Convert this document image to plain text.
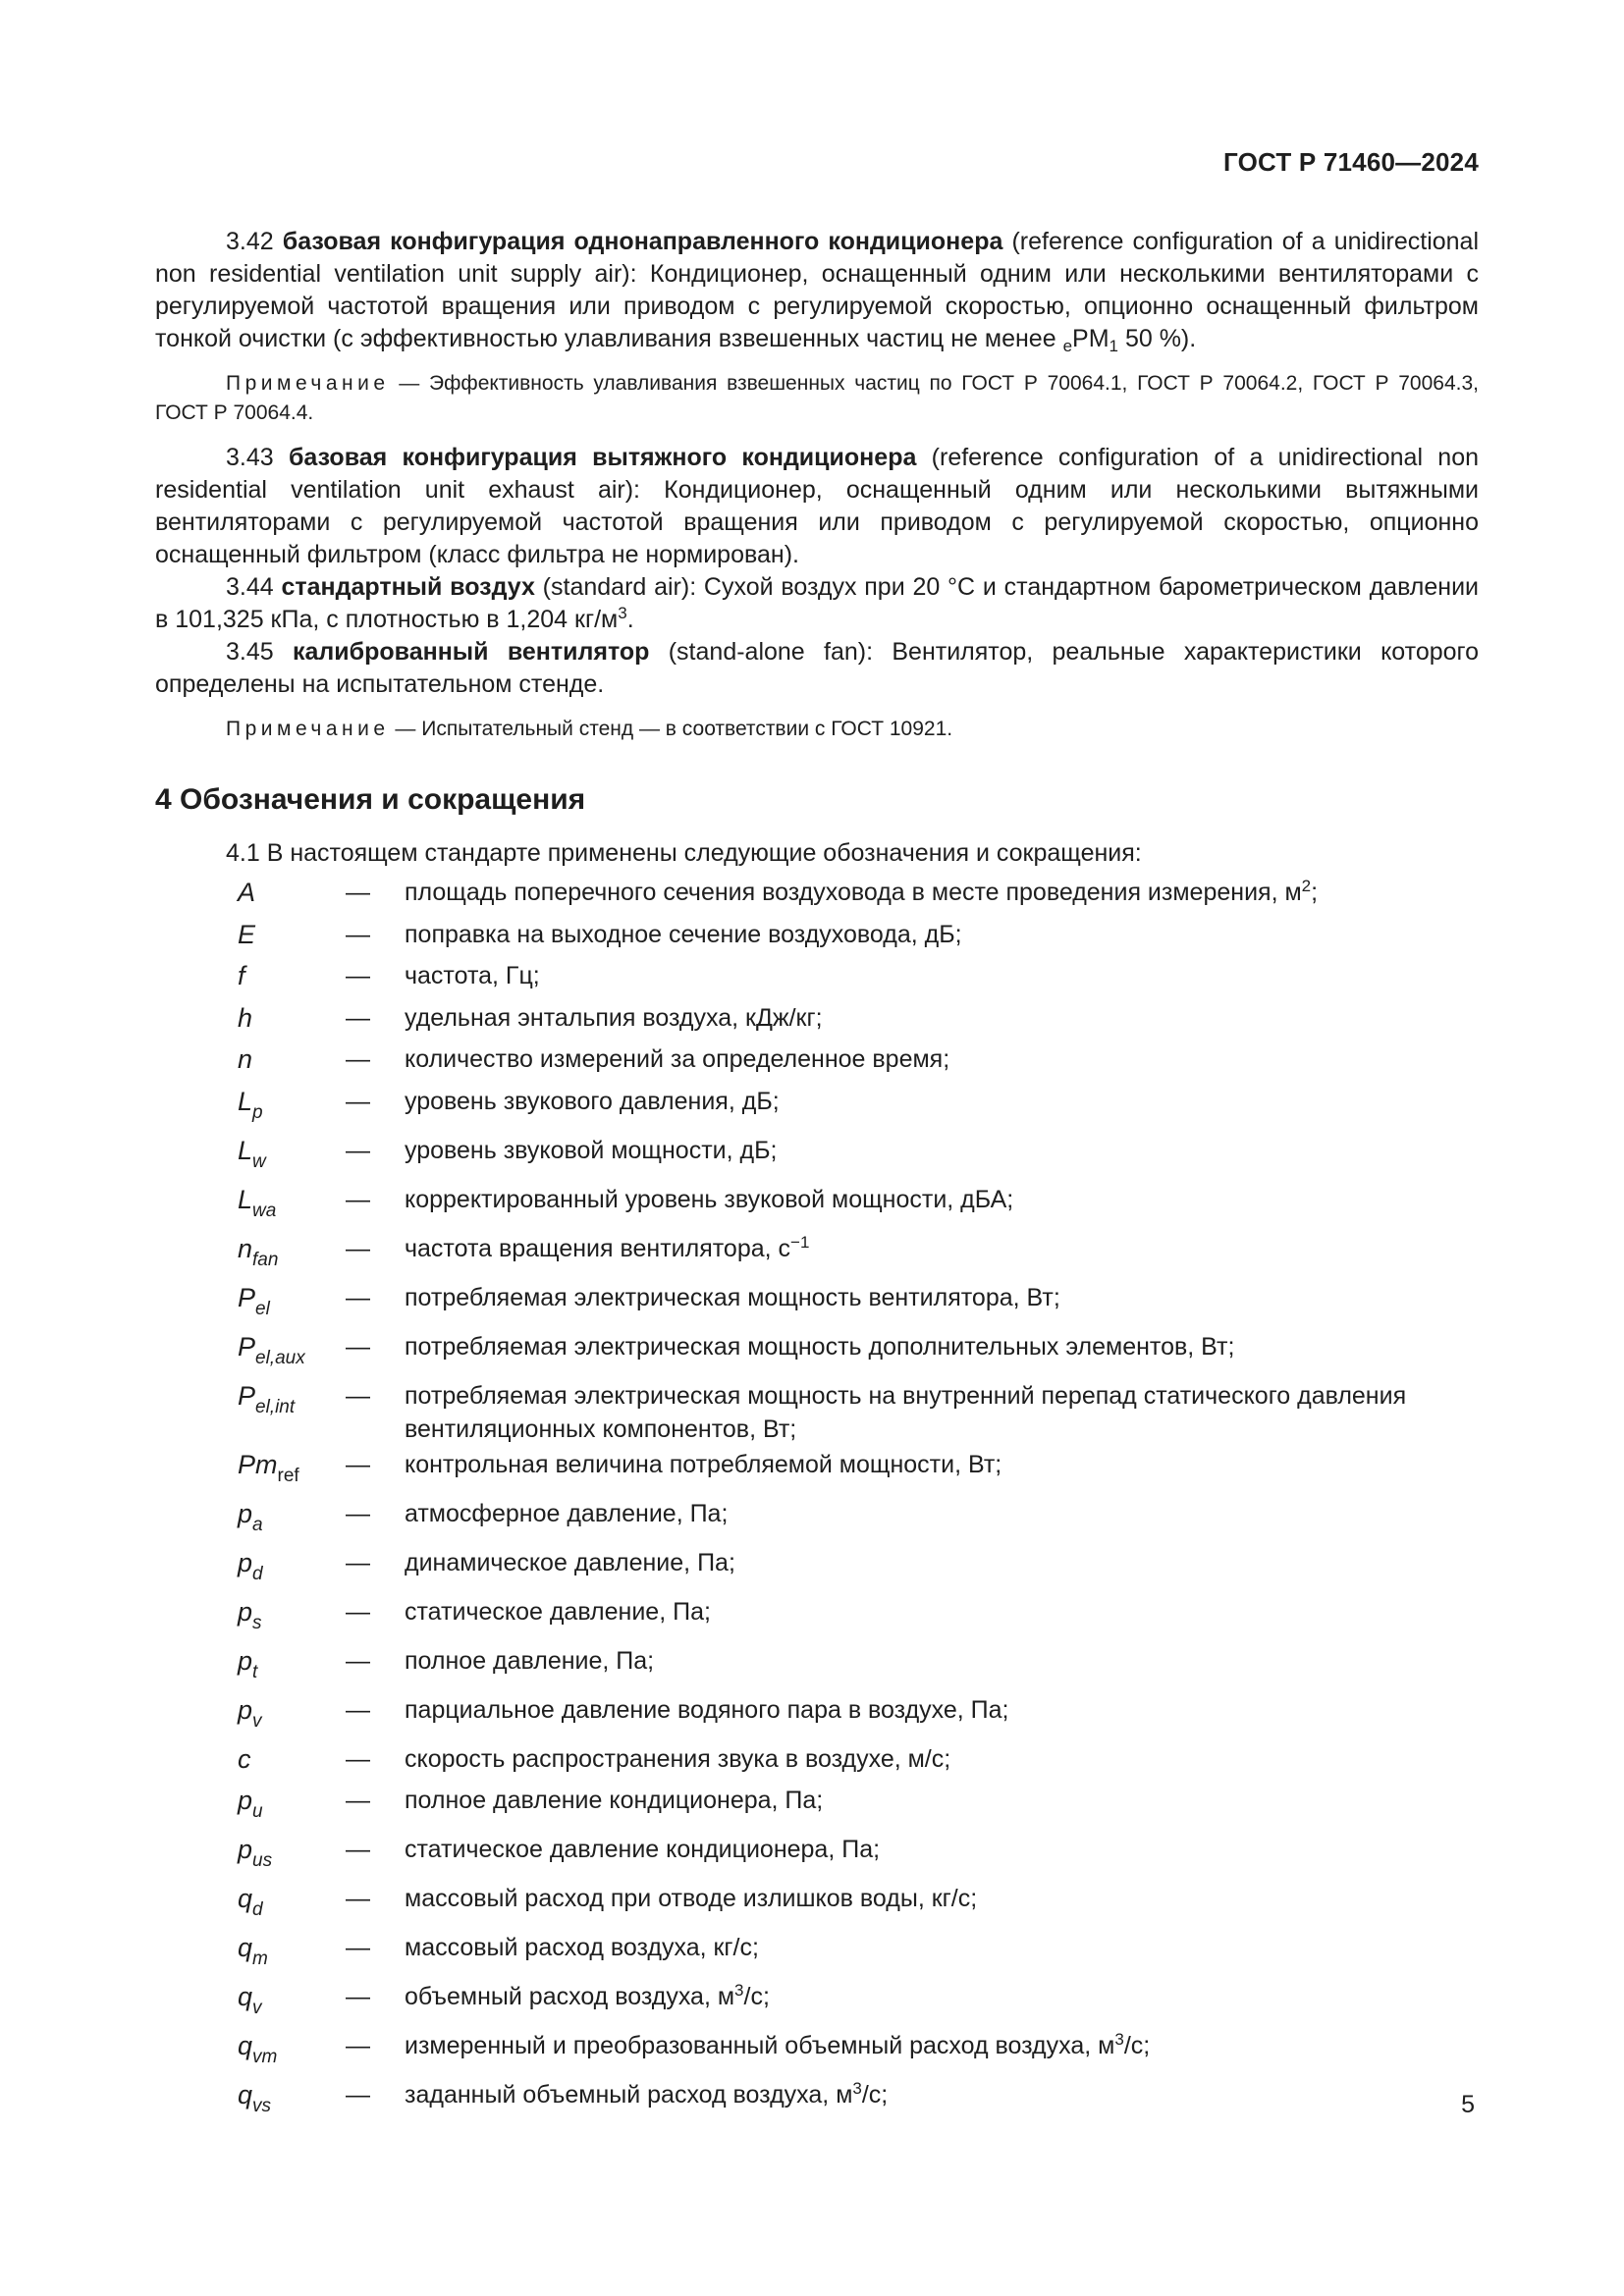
ГОСТ Р 71460—2024

3.42 базовая конфигурация однонаправленного кондиционера (reference configuration of a unidirectional non residential ventilation unit supply air): Кондиционер, оснащенный одним или несколькими вентиляторами с регулируемой частотой вращения или приводом с регулируемой скоростью, опционно оснащенный фильтром тонкой очистки (с эффективностью улавливания взвешенных частиц не менее $_ePM_1$ 50 %).

Примечание — Эффективность улавливания взвешенных частиц по ГОСТ Р 70064.1, ГОСТ Р 70064.2, ГОСТ Р 70064.3, ГОСТ Р 70064.4.

3.43 базовая конфигурация вытяжного кондиционера (reference configuration of a unidirectional non residential ventilation unit exhaust air): Кондиционер, оснащенный одним или несколькими вытяжными вентиляторами с регулируемой частотой вращения или приводом с регулируемой скоростью, опционно оснащенный фильтром (класс фильтра не нормирован).

3.44 стандартный воздух (standard air): Сухой воздух при 20 °С и стандартном барометрическом давлении в 101,325 кПа, с плотностью в 1,204 $кг/м^3$.

3.45 калиброванный вентилятор (stand-alone fan): Вентилятор, реальные характеристики которого определены на испытательном стенде.

Примечание — Испытательный стенд — в соответствии с ГОСТ 10921.

4 Обозначения и сокращения

4.1 В настоящем стандарте применены следующие обозначения и сокращения:

A	—	площадь поперечного сечения воздуховода в месте проведения измерения, $м^2$;
E	—	поправка на выходное сечение воздуховода, дБ;
f	—	частота, Гц;
h	—	удельная энтальпия воздуха, кДж/кг;
n	—	количество измерений за определенное время;
$L_p$	—	уровень звукового давления, дБ;
$L_w$	—	уровень звуковой мощности, дБ;
$L_{wa}$	—	корректированный уровень звуковой мощности, дБА;
$n_{fan}$	—	частота вращения вентилятора, $с^{-1}$
$P_{el}$	—	потребляемая электрическая мощность вентилятора, Вт;
$P_{el,aux}$	—	потребляемая электрическая мощность дополнительных элементов, Вт;
$P_{el,int}$	—	потребляемая электрическая мощность на внутренний перепад статического давления вентиляционных компонентов, Вт;
$Pm_{ref}$	—	контрольная величина потребляемой мощности, Вт;
$p_a$	—	атмосферное давление, Па;
$p_d$	—	динамическое давление, Па;
$p_s$	—	статическое давление, Па;
$p_t$	—	полное давление, Па;
$p_v$	—	парциальное давление водяного пара в воздухе, Па;
c	—	скорость распространения звука в воздухе, м/с;
$p_u$	—	полное давление кондиционера, Па;
$p_{us}$	—	статическое давление кондиционера, Па;
$q_d$	—	массовый расход при отводе излишков воды, кг/с;
$q_m$	—	массовый расход воздуха, кг/с;
$q_v$	—	объемный расход воздуха, $м^3/с$;
$q_{vm}$	—	измеренный и преобразованный объемный расход воздуха, $м^3/с$;
$q_{vs}$	—	заданный объемный расход воздуха, $м^3/с$;	5
